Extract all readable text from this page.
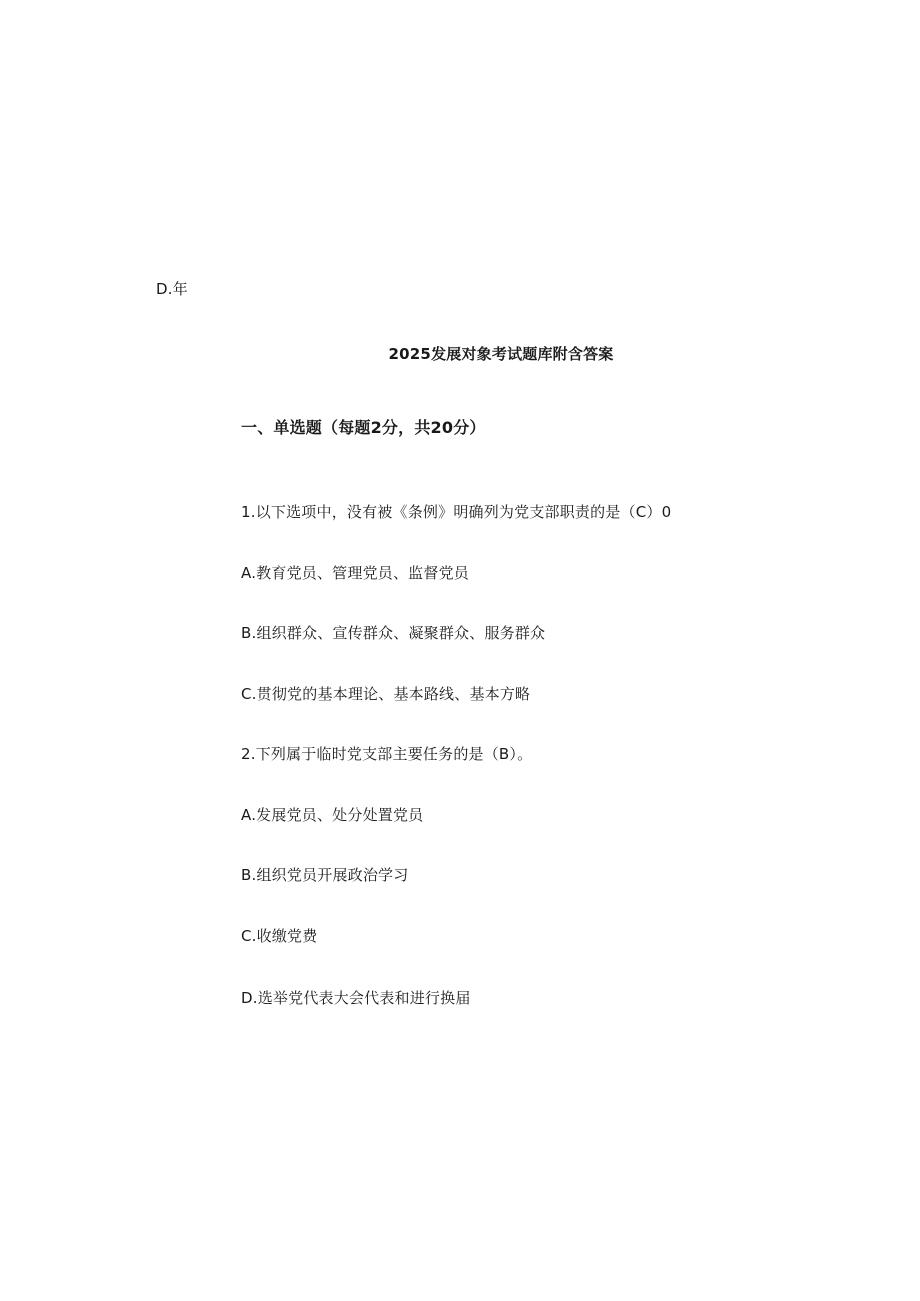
D.年
2025发展对象考试题库附含答案
一、单选题（每题2分，共20分）
1.以下选项中，没有被《条例》明确列为党支部职责的是（C）0
A.教育党员、管理党员、监督党员
B.组织群众、宣传群众、凝聚群众、服务群众
C.贯彻党的基本理论、基本路线、基本方略
2.下列属于临时党支部主要任务的是（B）。
A.发展党员、处分处置党员
B.组织党员开展政治学习
C.收缴党费
D.选举党代表大会代表和进行换届
